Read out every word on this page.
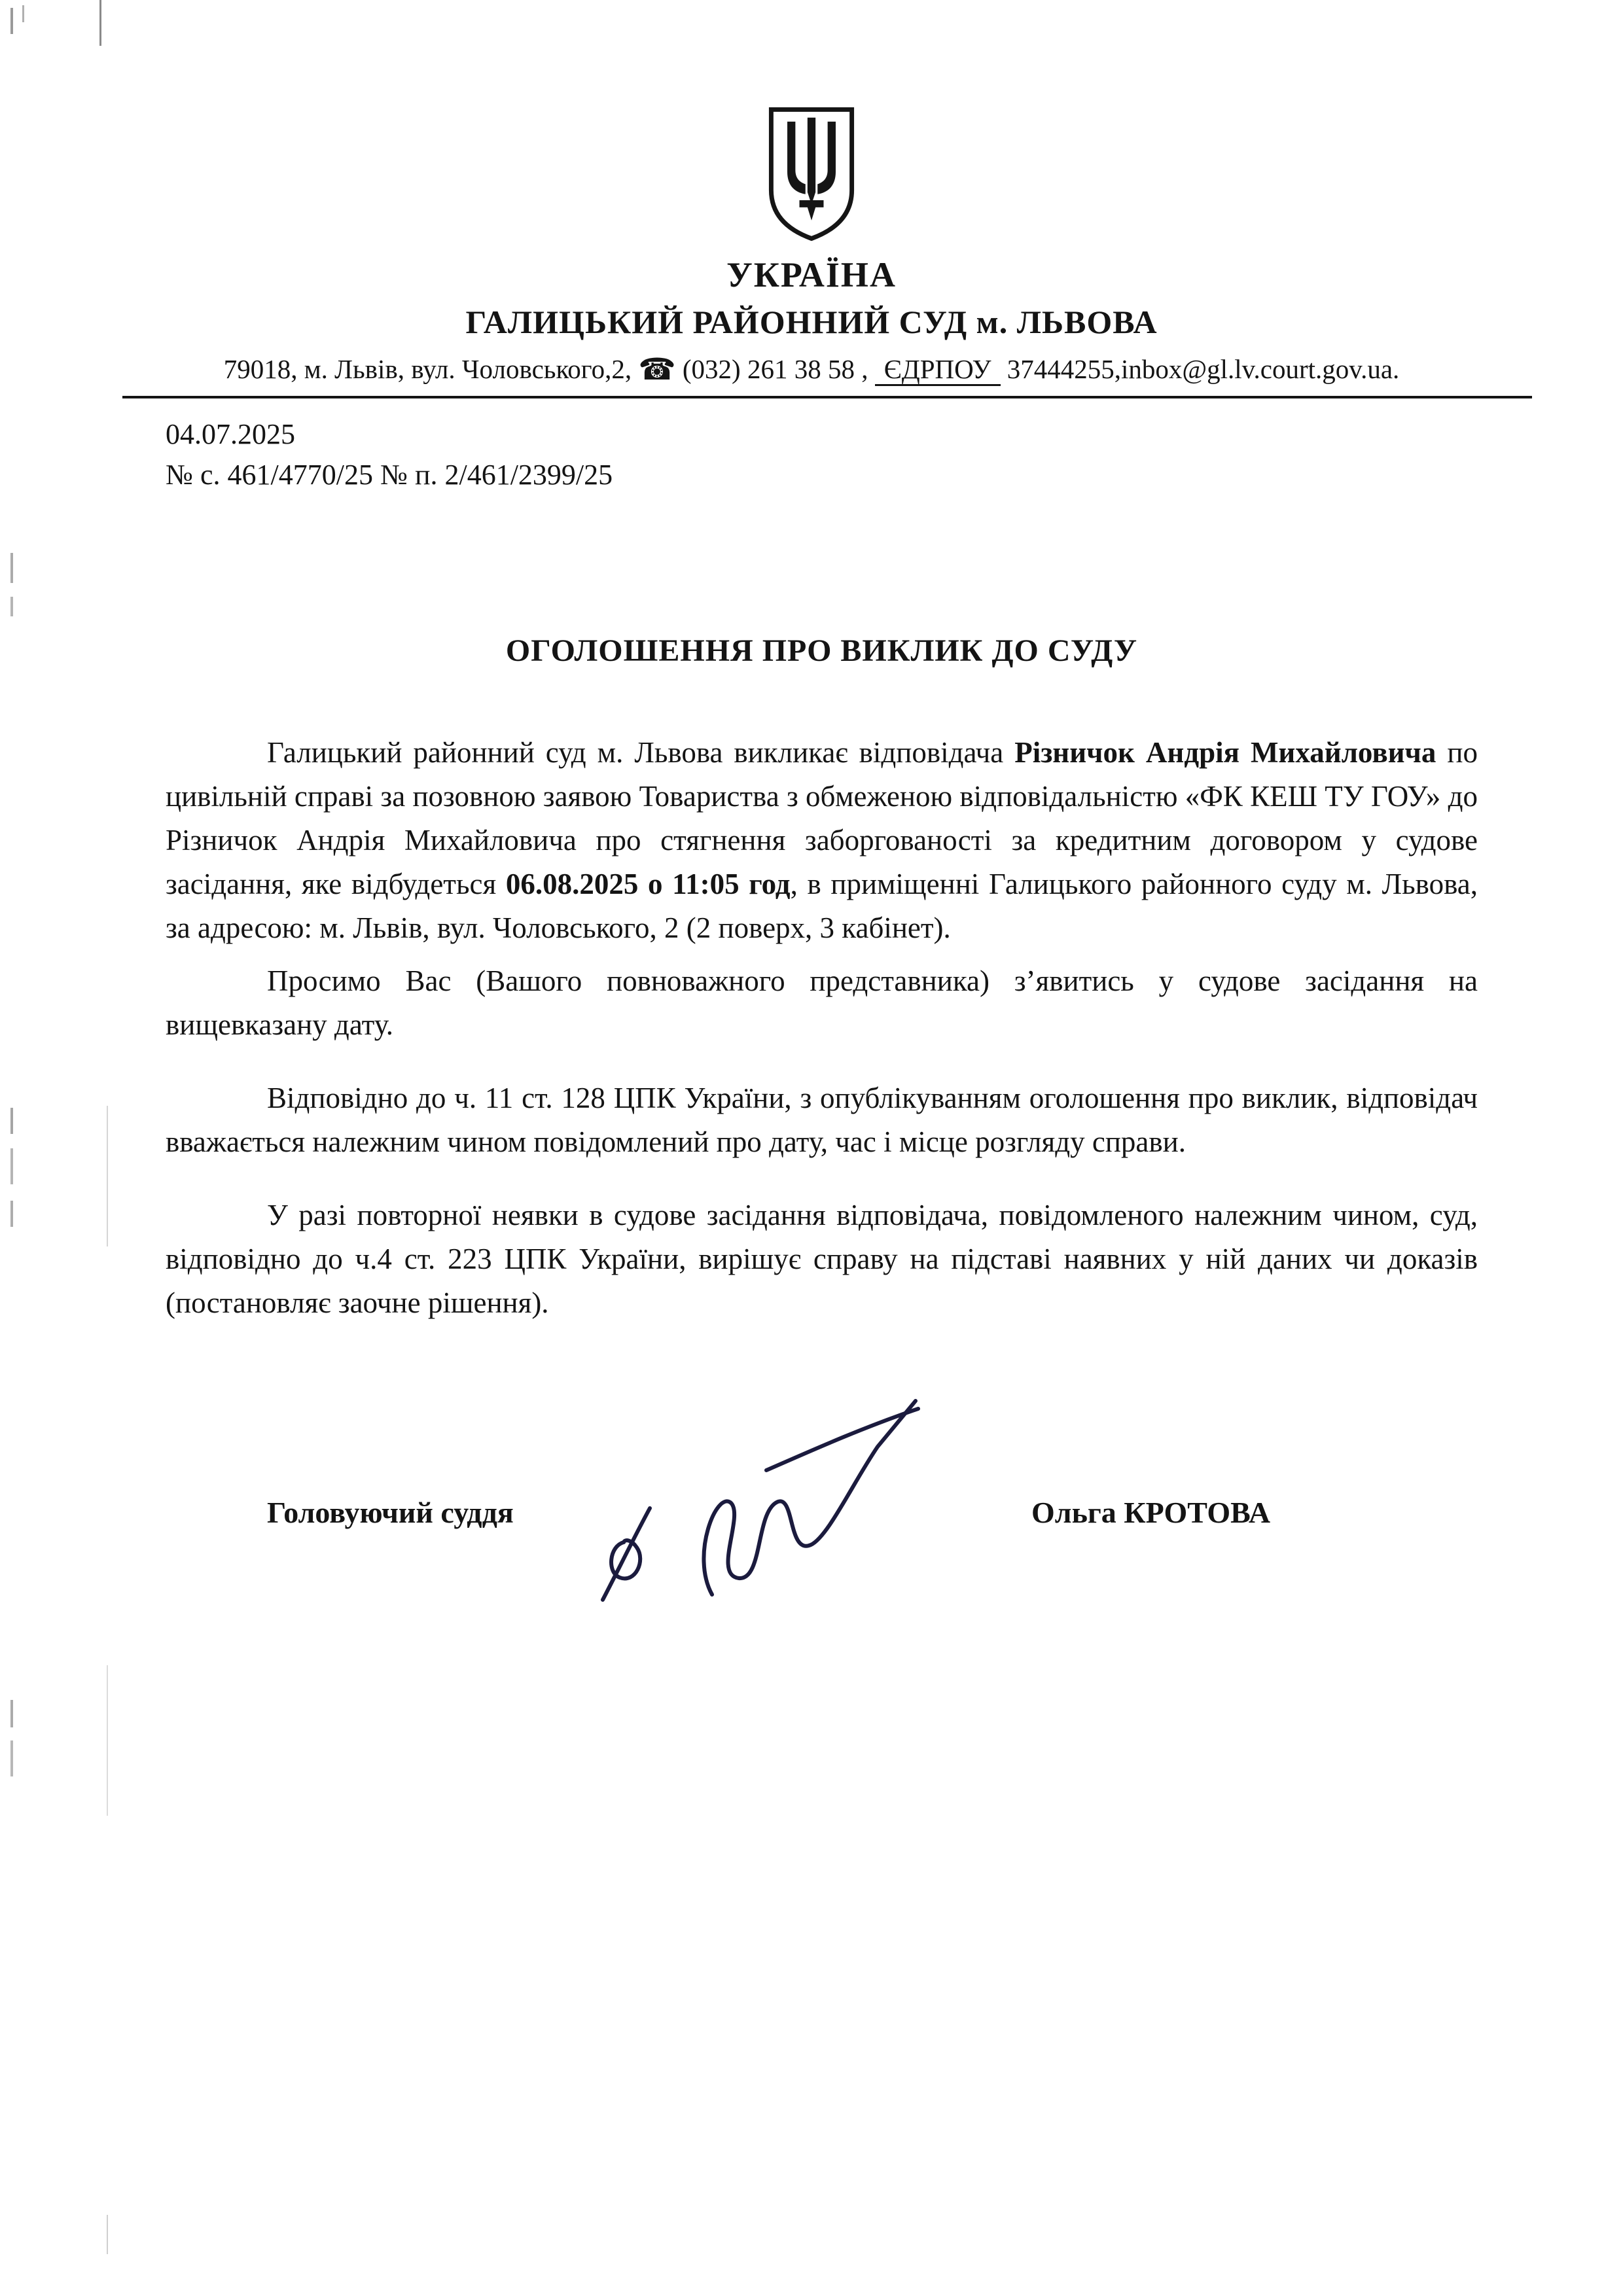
УКРАЇНА
ГАЛИЦЬКИЙ РАЙОННИЙ СУД м. ЛЬВОВА
79018, м. Львів, вул. Чоловського,2, ☎ (032) 261 38 58 , ЄДРПОУ 37444255,inbox@gl.lv.court.gov.ua.
04.07.2025
№ с. 461/4770/25 № п. 2/461/2399/25
ОГОЛОШЕННЯ ПРО ВИКЛИК ДО СУДУ

Галицький районний суд м. Львова викликає відповідача Різничок Андрія Михайловича по цивільній справі за позовною заявою Товариства з обмеженою відповідальністю «ФК КЕШ ТУ ГОУ» до Різничок Андрія Михайловича про стягнення заборгованості за кредитним договором у судове засідання, яке відбудеться 06.08.2025 о 11:05 год, в приміщенні Галицького районного суду м. Львова, за адресою: м. Львів, вул. Чоловського, 2 (2 поверх, 3 кабінет).

Просимо Вас (Вашого повноважного представника) з’явитись у судове засідання на вищевказану дату.

Відповідно до ч. 11 ст. 128 ЦПК України, з опублікуванням оголошення про виклик, відповідач вважається належним чином повідомлений про дату, час і місце розгляду справи.

У разі повторної неявки в судове засідання відповідача, повідомленого належним чином, суд, відповідно до ч.4 ст. 223 ЦПК України, вирішує справу на підставі наявних у ній даних чи доказів (постановляє заочне рішення).

Головуючий суддя	Ольга КРОТОВА
